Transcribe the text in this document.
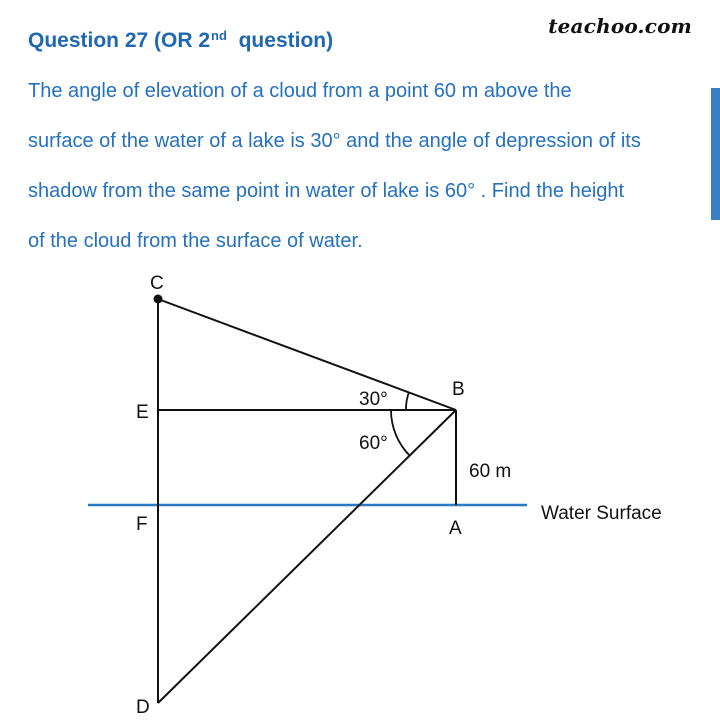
teachoo.com
Question 27 (OR 2nd question)
The angle of elevation of a cloud from a point 60 m above the
surface of the water of a lake is 30° and the angle of depression of its
shadow from the same point in water of lake is 60° . Find the height
of the cloud from the surface of water.
C
E
B
F	A
D
30°
60°
60 m
Water Surface
